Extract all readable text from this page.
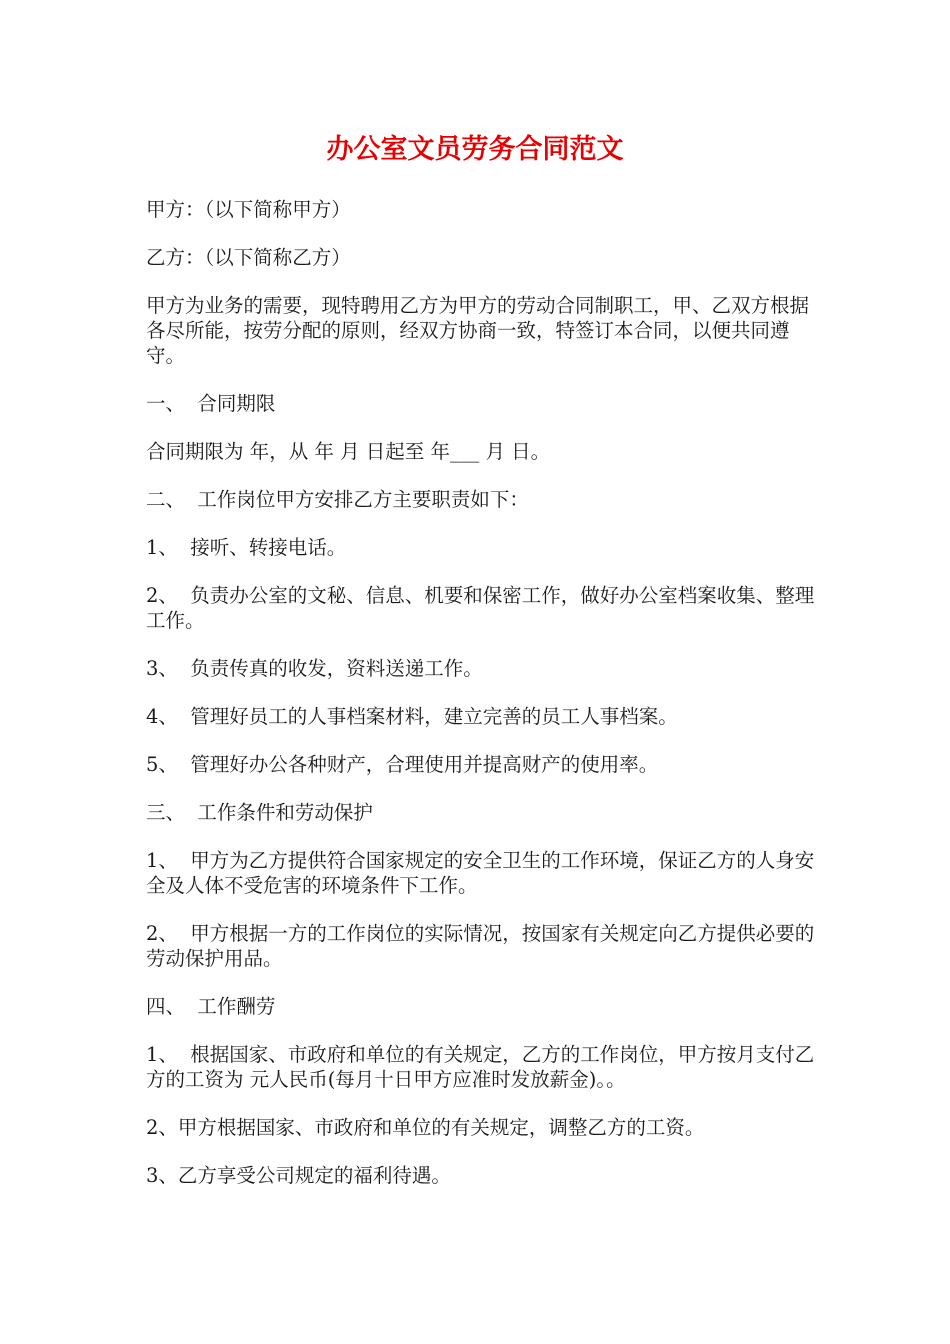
办公室文员劳务合同范文

甲方：（以下简称甲方）

乙方：（以下简称乙方）

甲方为业务的需要，现特聘用乙方为甲方的劳动合同制职工，甲、乙双方根据各尽所能，按劳分配的原则，经双方协商一致，特签订本合同，以便共同遵守。

一、  合同期限

合同期限为 年，从 年 月 日起至 年___ 月 日。

二、  工作岗位甲方安排乙方主要职责如下：

1、  接听、转接电话。

2、  负责办公室的文秘、信息、机要和保密工作，做好办公室档案收集、整理工作。

3、  负责传真的收发，资料送递工作。

4、  管理好员工的人事档案材料，建立完善的员工人事档案。

5、  管理好办公各种财产，合理使用并提高财产的使用率。

三、  工作条件和劳动保护

1、  甲方为乙方提供符合国家规定的安全卫生的工作环境，保证乙方的人身安全及人体不受危害的环境条件下工作。

2、  甲方根据一方的工作岗位的实际情况，按国家有关规定向乙方提供必要的劳动保护用品。

四、  工作酬劳

1、  根据国家、市政府和单位的有关规定，乙方的工作岗位，甲方按月支付乙方的工资为 元人民币(每月十日甲方应准时发放薪金)。。

2、甲方根据国家、市政府和单位的有关规定，调整乙方的工资。

3、乙方享受公司规定的福利待遇。
